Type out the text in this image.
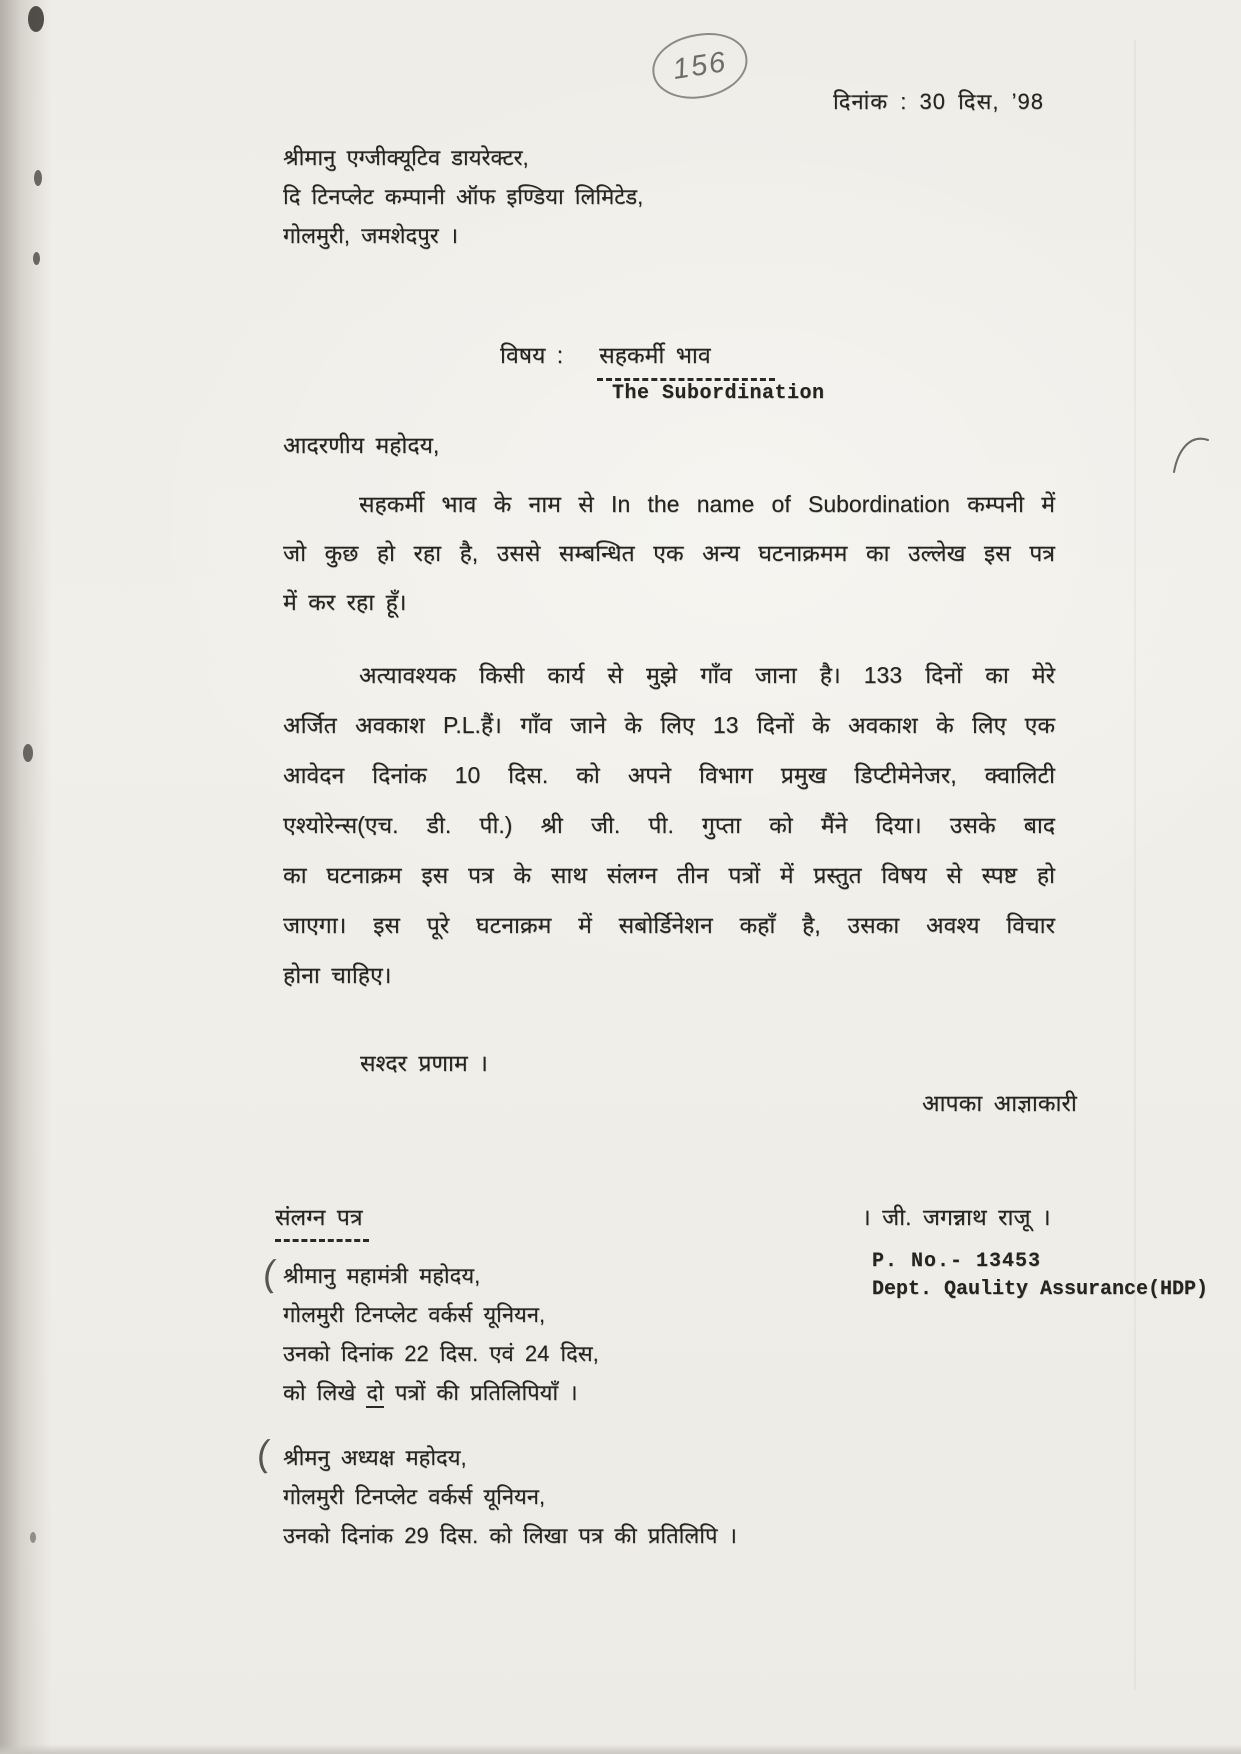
156
दिनांक : 30 दिस, ’98
श्रीमानु एग्जीक्यूटिव डायरेक्टर,
दि टिनप्लेट कम्पानी ऑफ इण्डिया लिमिटेड,
गोलमुरी, जमशेदपुर ।
विषय : सहकर्मी भाव
The Subordination
आदरणीय महोदय,
सहकर्मी भाव के नाम से In the name of Subordination कम्पनी में
जो कुछ हो रहा है, उससे सम्बन्धित एक अन्य घटनाक्रमम का उल्लेख इस पत्र
में कर रहा हूँ।
अत्यावश्यक किसी कार्य से मुझे गाँव जाना है। 133 दिनों का मेरे
अर्जित अवकाश P.L.हैं। गाँव जाने के लिए 13 दिनों के अवकाश के लिए एक
आवेदन दिनांक 10 दिस. को अपने विभाग प्रमुख डिप्टीमेनेजर, क्वालिटी
एश्योरेन्स(एच. डी. पी.) श्री जी. पी. गुप्ता को मैंने दिया। उसके बाद
का घटनाक्रम इस पत्र के साथ संलग्न तीन पत्रों में प्रस्तुत विषय से स्पष्ट हो
जाएगा। इस पूरे घटनाक्रम में सबोर्डिनेशन कहाँ है, उसका अवश्य विचार
होना चाहिए।
सश्दर प्रणाम ।
आपका आज्ञाकारी
। जी. जगन्नाथ राजू ।
P. No.- 13453
Dept. Qaulity Assurance(HDP)
संलग्न पत्र
( श्रीमानु महामंत्री महोदय,
गोलमुरी टिनप्लेट वर्कर्स यूनियन,
उनको दिनांक 22 दिस. एवं 24 दिस,
को लिखे दो पत्रों की प्रतिलिपियाँ ।
( श्रीमनु अध्यक्ष महोदय,
गोलमुरी टिनप्लेट वर्कर्स यूनियन,
उनको दिनांक 29 दिस. को लिखा पत्र की प्रतिलिपि ।
